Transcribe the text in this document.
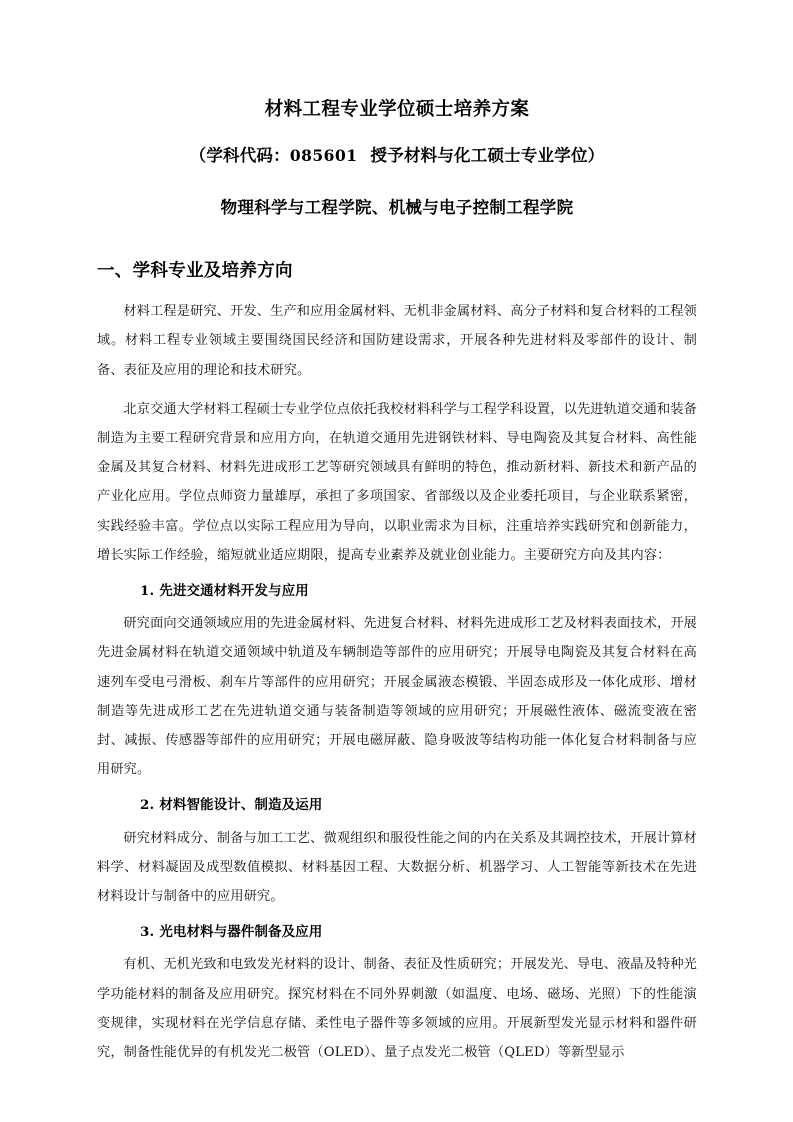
材料工程专业学位硕士培养方案
（学科代码：085601 授予材料与化工硕士专业学位）
物理科学与工程学院、机械与电子控制工程学院
一、学科专业及培养方向

材料工程是研究、开发、生产和应用金属材料、无机非金属材料、高分子材料和复合材料的工程领域。材料工程专业领域主要围绕国民经济和国防建设需求，开展各种先进材料及零部件的设计、制备、表征及应用的理论和技术研究。

北京交通大学材料工程硕士专业学位点依托我校材料科学与工程学科设置，以先进轨道交通和装备制造为主要工程研究背景和应用方向，在轨道交通用先进钢铁材料、导电陶瓷及其复合材料、高性能金属及其复合材料、材料先进成形工艺等研究领域具有鲜明的特色，推动新材料、新技术和新产品的产业化应用。学位点师资力量雄厚，承担了多项国家、省部级以及企业委托项目，与企业联系紧密，实践经验丰富。学位点以实际工程应用为导向，以职业需求为目标，注重培养实践研究和创新能力，增长实际工作经验，缩短就业适应期限，提高专业素养及就业创业能力。主要研究方向及其内容：

1. 先进交通材料开发与应用

研究面向交通领域应用的先进金属材料、先进复合材料、材料先进成形工艺及材料表面技术，开展先进金属材料在轨道交通领域中轨道及车辆制造等部件的应用研究；开展导电陶瓷及其复合材料在高速列车受电弓滑板、刹车片等部件的应用研究；开展金属液态模锻、半固态成形及一体化成形、增材制造等先进成形工艺在先进轨道交通与装备制造等领域的应用研究；开展磁性液体、磁流变液在密封、减振、传感器等部件的应用研究；开展电磁屏蔽、隐身吸波等结构功能一体化复合材料制备与应用研究。

2. 材料智能设计、制造及运用

研究材料成分、制备与加工工艺、微观组织和服役性能之间的内在关系及其调控技术，开展计算材料学、材料凝固及成型数值模拟、材料基因工程、大数据分析、机器学习、人工智能等新技术在先进材料设计与制备中的应用研究。

3. 光电材料与器件制备及应用

有机、无机光致和电致发光材料的设计、制备、表征及性质研究；开展发光、导电、液晶及特种光学功能材料的制备及应用研究。探究材料在不同外界刺激（如温度、电场、磁场、光照）下的性能演变规律，实现材料在光学信息存储、柔性电子器件等多领域的应用。开展新型发光显示材料和器件研究，制备性能优异的有机发光二极管（OLED）、量子点发光二极管（QLED）等新型显示
